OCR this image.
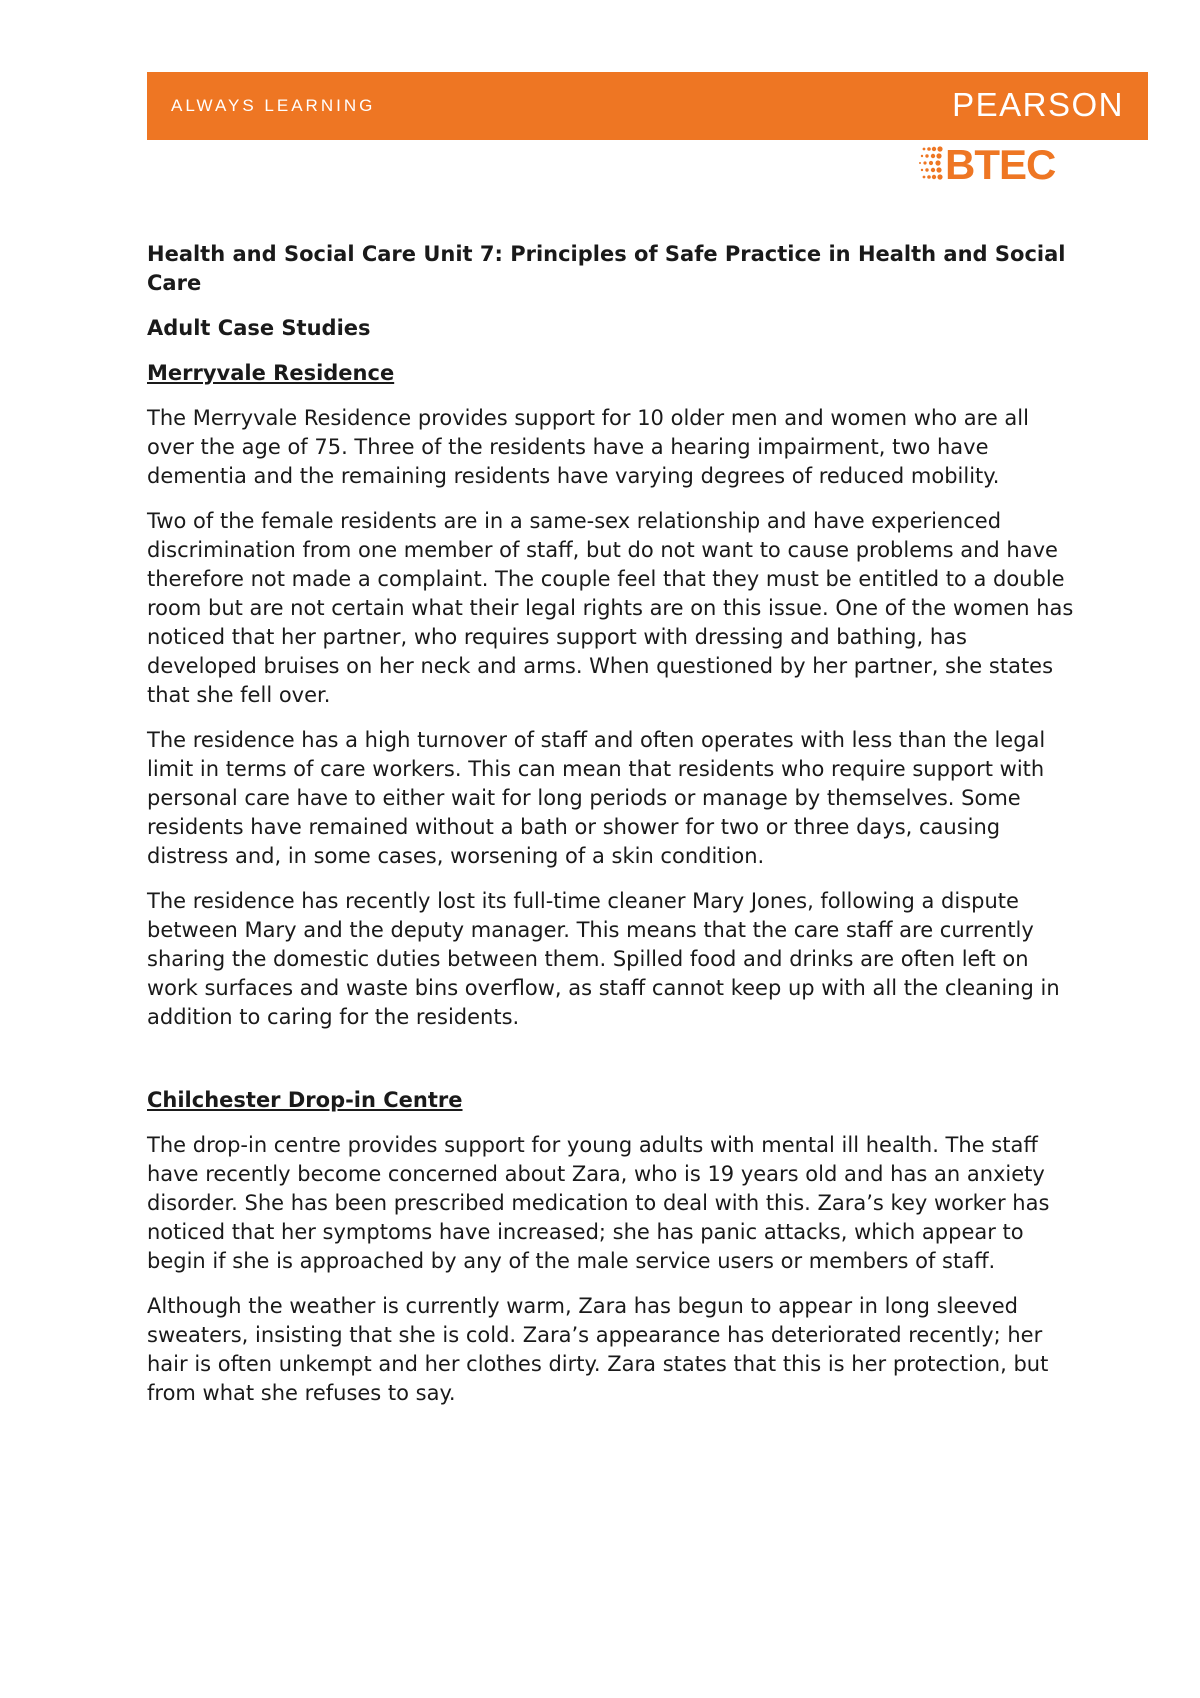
ALWAYS LEARNING	PEARSON
BTEC

Health and Social Care Unit 7: Principles of Safe Practice in Health and Social Care

Adult Case Studies

Merryvale Residence

The Merryvale Residence provides support for 10 older men and women who are all over the age of 75. Three of the residents have a hearing impairment, two have dementia and the remaining residents have varying degrees of reduced mobility.

Two of the female residents are in a same-sex relationship and have experienced discrimination from one member of staff, but do not want to cause problems and have therefore not made a complaint. The couple feel that they must be entitled to a double room but are not certain what their legal rights are on this issue. One of the women has noticed that her partner, who requires support with dressing and bathing, has developed bruises on her neck and arms. When questioned by her partner, she states that she fell over.

The residence has a high turnover of staff and often operates with less than the legal limit in terms of care workers. This can mean that residents who require support with personal care have to either wait for long periods or manage by themselves. Some residents have remained without a bath or shower for two or three days, causing distress and, in some cases, worsening of a skin condition.

The residence has recently lost its full-time cleaner Mary Jones, following a dispute between Mary and the deputy manager. This means that the care staff are currently sharing the domestic duties between them. Spilled food and drinks are often left on work surfaces and waste bins overflow, as staff cannot keep up with all the cleaning in addition to caring for the residents.

Chilchester Drop-in Centre

The drop-in centre provides support for young adults with mental ill health. The staff have recently become concerned about Zara, who is 19 years old and has an anxiety disorder. She has been prescribed medication to deal with this. Zara’s key worker has noticed that her symptoms have increased; she has panic attacks, which appear to begin if she is approached by any of the male service users or members of staff.

Although the weather is currently warm, Zara has begun to appear in long sleeved sweaters, insisting that she is cold. Zara’s appearance has deteriorated recently; her hair is often unkempt and her clothes dirty. Zara states that this is her protection, but from what she refuses to say.
